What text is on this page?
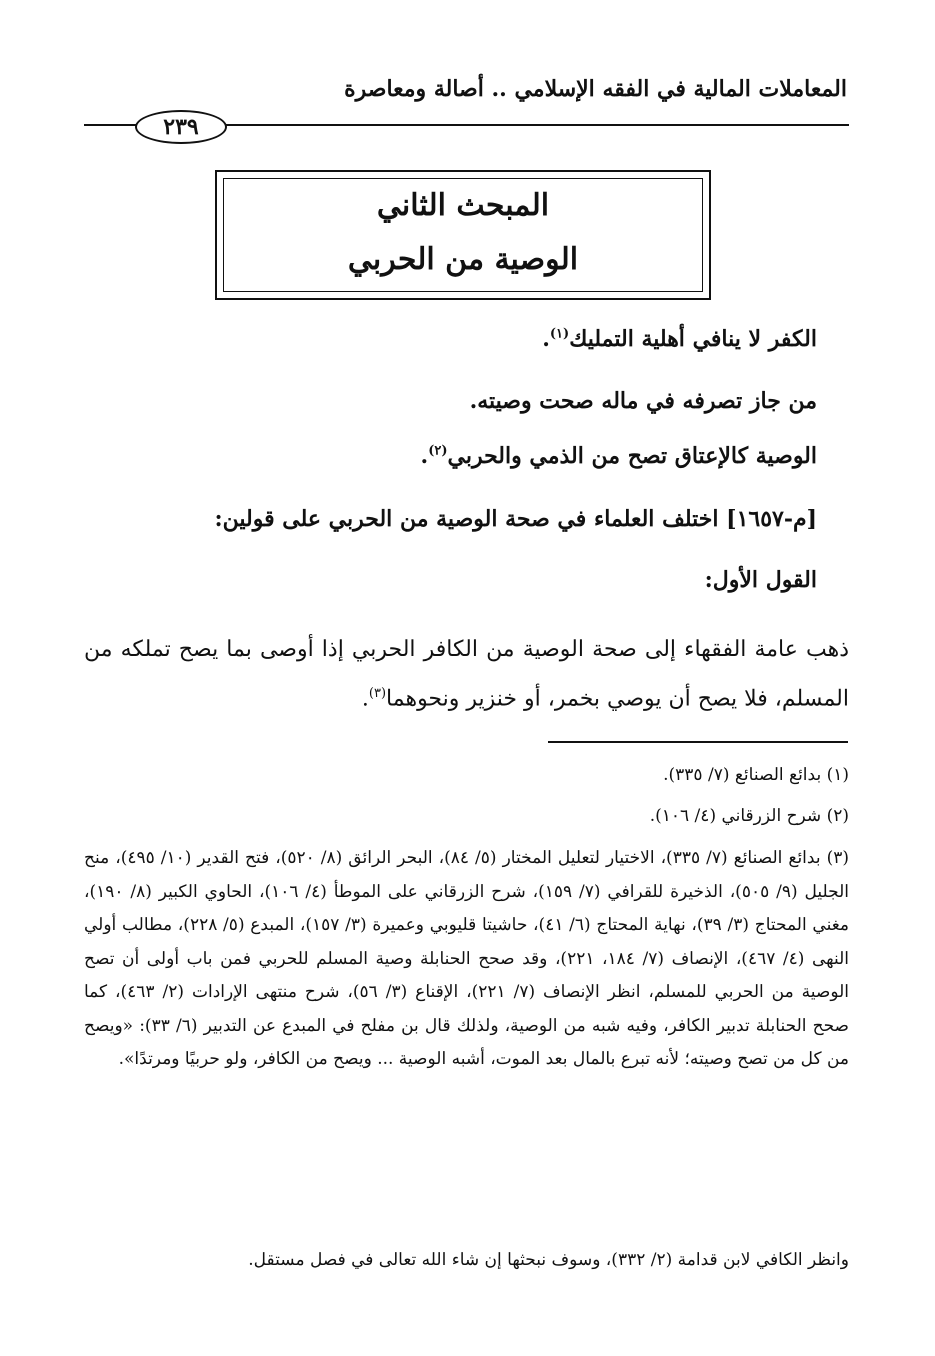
المعاملات المالية في الفقه الإسلامي .. أصالة ومعاصرة
٢٣٩
المبحث الثاني
الوصية من الحربي
الكفر لا ينافي أهلية التمليك$^{(١)}$.
من جاز تصرفه في ماله صحت وصيته.
الوصية كالإعتاق تصح من الذمي والحربي$^{(٢)}$.
[م-١٦٥٧] اختلف العلماء في صحة الوصية من الحربي على قولين:
القول الأول:
ذهب عامة الفقهاء إلى صحة الوصية من الكافر الحربي إذا أوصى بما يصح تملكه من المسلم، فلا يصح أن يوصي بخمر، أو خنزير ونحوهما$^{(٣)}$.
(١) بدائع الصنائع (٧/ ٣٣٥).
(٢) شرح الزرقاني (٤/ ١٠٦).
(٣) بدائع الصنائع (٧/ ٣٣٥)، الاختيار لتعليل المختار (٥/ ٨٤)، البحر الرائق (٨/ ٥٢٠)، فتح القدير (١٠/ ٤٩٥)، منح الجليل (٩/ ٥٠٥)، الذخيرة للقرافي (٧/ ١٥٩)، شرح الزرقاني على الموطأ (٤/ ١٠٦)، الحاوي الكبير (٨/ ١٩٠)، مغني المحتاج (٣/ ٣٩)، نهاية المحتاج (٦/ ٤١)، حاشيتا قليوبي وعميرة (٣/ ١٥٧)، المبدع (٥/ ٢٢٨)، مطالب أولي النهى (٤/ ٤٦٧)، الإنصاف (٧/ ١٨٤، ٢٢١)، وقد صحح الحنابلة وصية المسلم للحربي فمن باب أولى أن تصح الوصية من الحربي للمسلم، انظر الإنصاف (٧/ ٢٢١)، الإقناع (٣/ ٥٦)، شرح منتهى الإرادات (٢/ ٤٦٣)، كما صحح الحنابلة تدبير الكافر، وفيه شبه من الوصية، ولذلك قال بن مفلح في المبدع عن التدبير (٦/ ٣٣): «ويصح من كل من تصح وصيته؛ لأنه تبرع بالمال بعد الموت، أشبه الوصية ... ويصح من الكافر، ولو حربيًا ومرتدًا».
وانظر الكافي لابن قدامة (٢/ ٣٣٢)، وسوف نبحثها إن شاء الله تعالى في فصل مستقل.
